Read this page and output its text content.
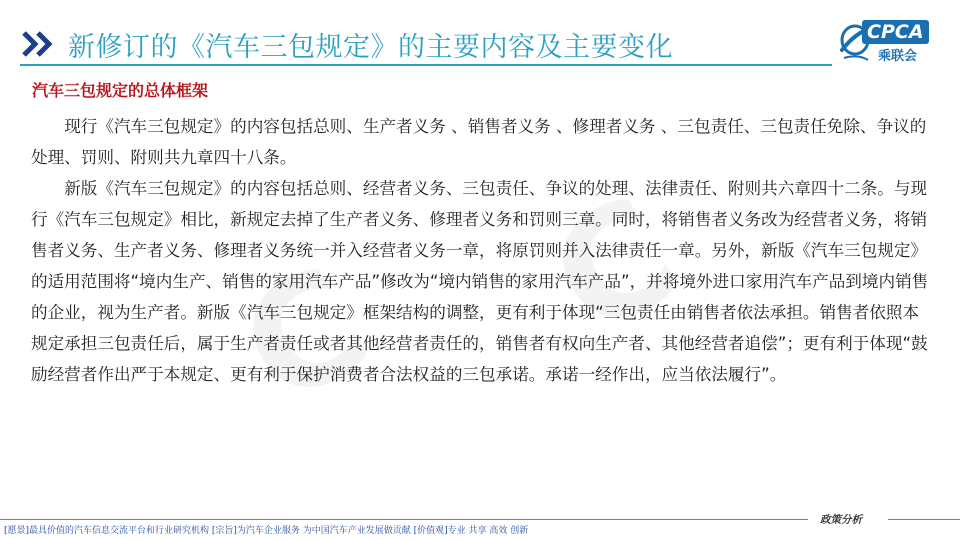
新修订的《汽车三包规定》的主要内容及主要变化	CPCA
乘联会
汽车三包规定的总体框架

现行《汽车三包规定》的内容包括总则、生产者义务 、销售者义务 、修理者义务 、三包责任、三包责任免除、争议的处理、罚则、附则共九章四十八条。

新版《汽车三包规定》的内容包括总则、经营者义务、三包责任、争议的处理、法律责任、附则共六章四十二条。与现行《汽车三包规定》相比，新规定去掉了生产者义务、修理者义务和罚则三章。同时，将销售者义务改为经营者义务，将销售者义务、生产者义务、修理者义务统一并入经营者义务一章，将原罚则并入法律责任一章。另外，新版《汽车三包规定》的适用范围将“境内生产、销售的家用汽车产品”修改为“境内销售的家用汽车产品”，并将境外进口家用汽车产品到境内销售的企业，视为生产者。新版《汽车三包规定》框架结构的调整，更有利于体现“三包责任由销售者依法承担。销售者依照本规定承担三包责任后，属于生产者责任或者其他经营者责任的，销售者有权向生产者、其他经营者追偿”；更有利于体现“鼓励经营者作出严于本规定、更有利于保护消费者合法权益的三包承诺。承诺一经作出，应当依法履行”。

[愿景]最具价值的汽车信息交流平台和行业研究机构 [宗旨]为汽车企业服务 为中国汽车产业发展做贡献 [价值观]专业 共享 高效 创新
政策分析
